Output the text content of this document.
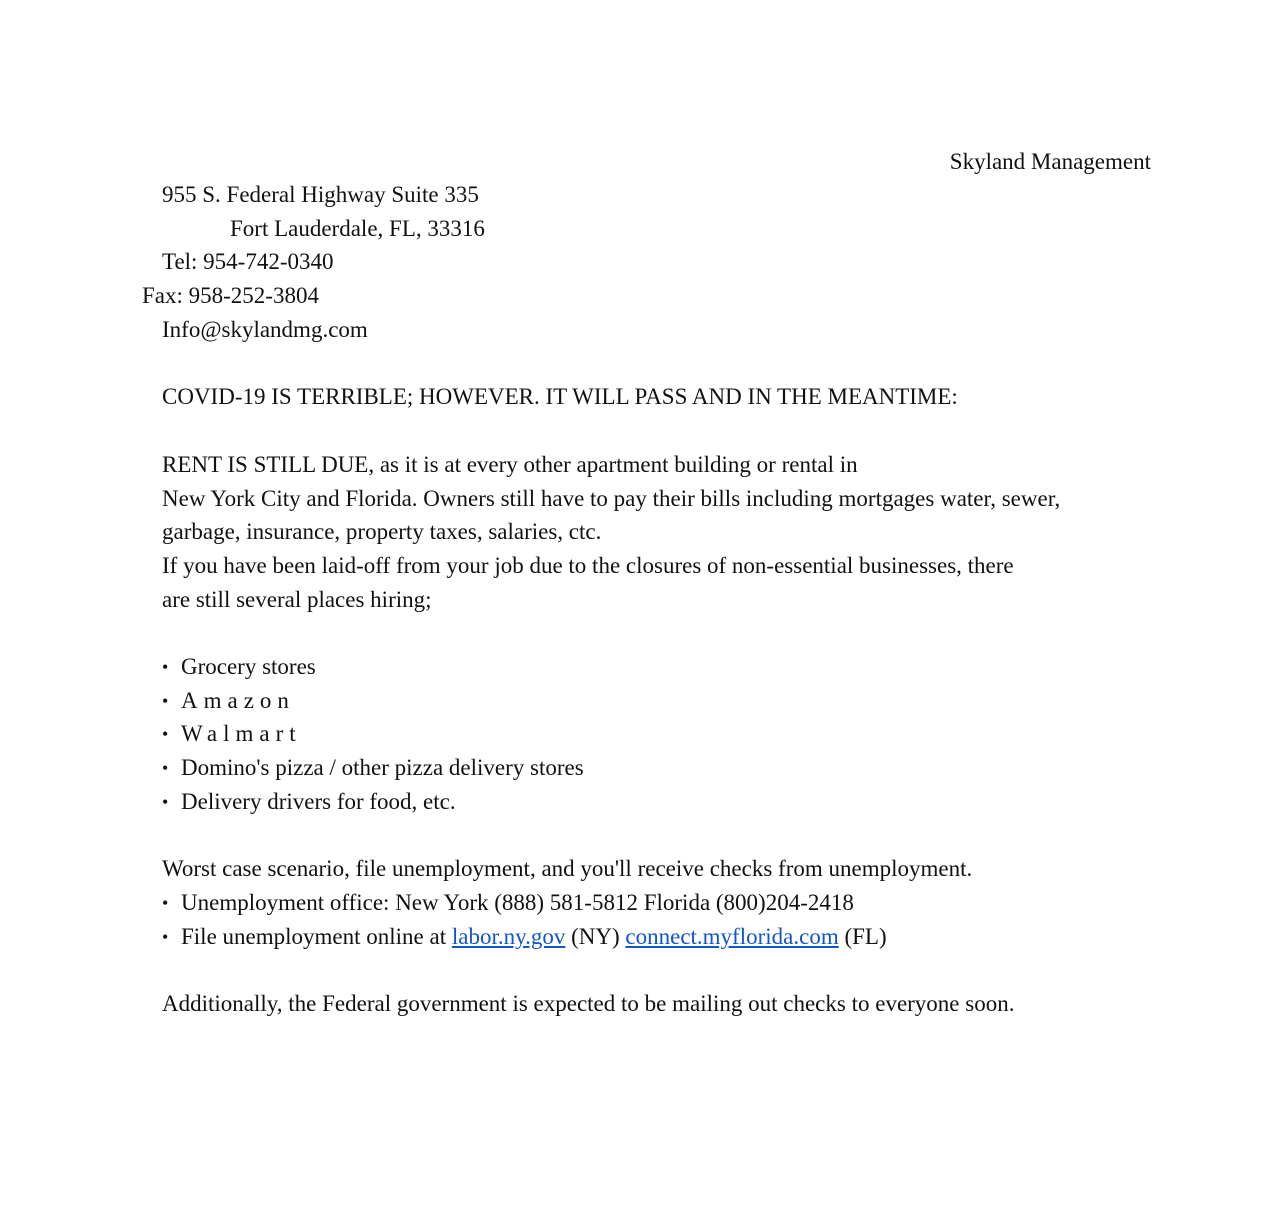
Skyland Management
955 S. Federal Highway Suite 335
Fort Lauderdale, FL, 33316
Tel: 954-742-0340
Fax: 958-252-3804
Info@skylandmg.com
COVID-19 IS TERRIBLE; HOWEVER. IT WILL PASS AND IN THE MEANTIME:
RENT IS STILL DUE, as it is at every other apartment building or rental in
New York City and Florida. Owners still have to pay their bills including mortgages water, sewer,
garbage, insurance, property taxes, salaries, ctc.
If you have been laid-off from your job due to the closures of non-essential businesses, there
are still several places hiring;
• Grocery stores
• Amazon
• Walmart
• Domino's pizza / other pizza delivery stores
• Delivery drivers for food, etc.
Worst case scenario, file unemployment, and you'll receive checks from unemployment.
• Unemployment office: New York (888) 581-5812 Florida (800)204-2418
• File unemployment online at labor.ny.gov (NY) connect.myflorida.com (FL)
Additionally, the Federal government is expected to be mailing out checks to everyone soon.
